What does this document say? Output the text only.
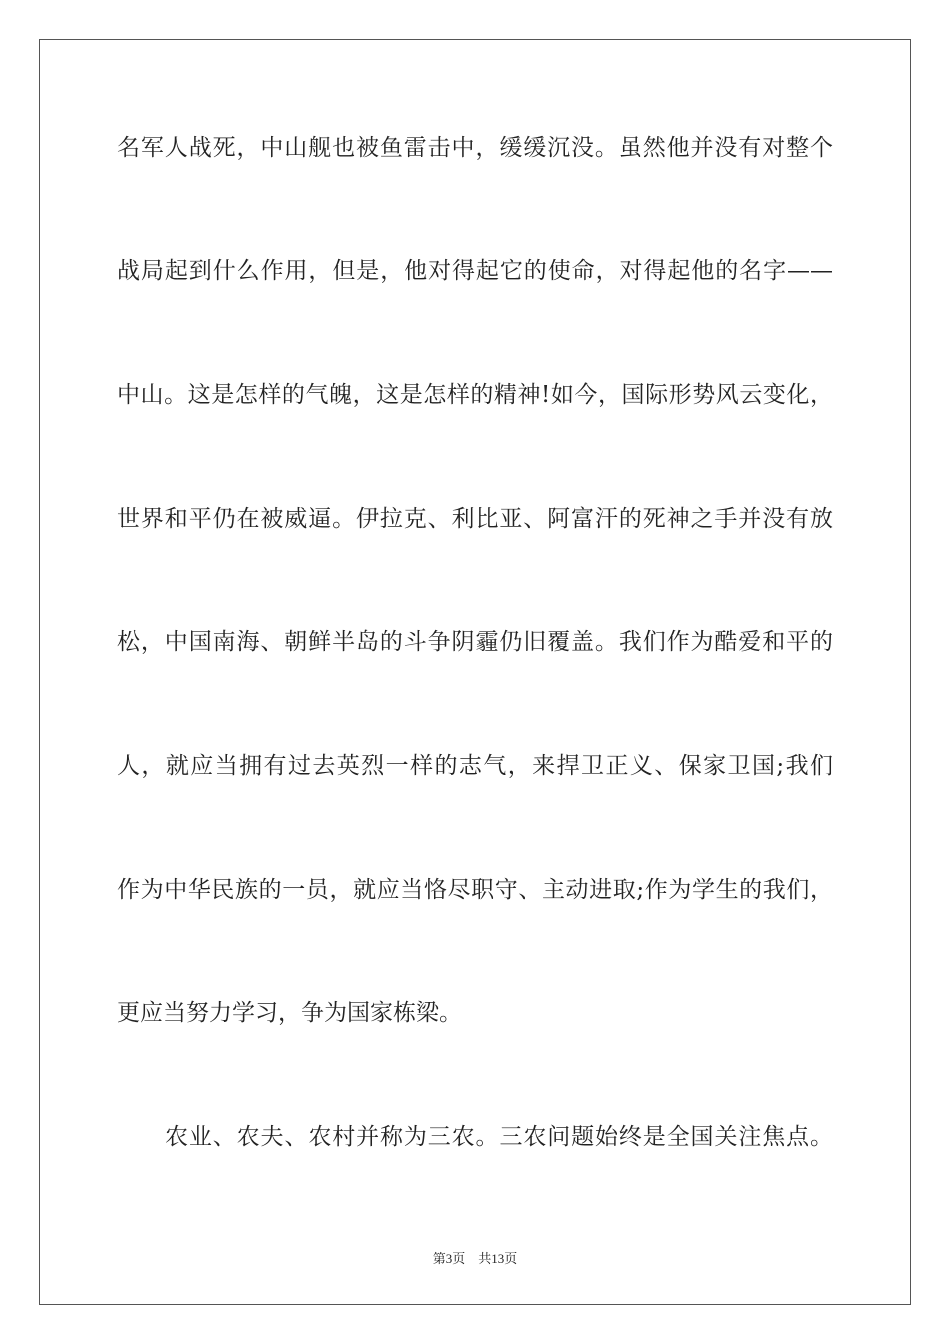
名军人战死，中山舰也被鱼雷击中，缓缓沉没。虽然他并没有对整个
战局起到什么作用，但是，他对得起它的使命，对得起他的名字——
中山。这是怎样的气魄，这是怎样的精神!如今，国际形势风云变化，
世界和平仍在被威逼。伊拉克、利比亚、阿富汗的死神之手并没有放
松，中国南海、朝鲜半岛的斗争阴霾仍旧覆盖。我们作为酷爱和平的
人，就应当拥有过去英烈一样的志气，来捍卫正义、保家卫国;我们
作为中华民族的一员，就应当恪尽职守、主动进取;作为学生的我们，
更应当努力学习，争为国家栋梁。
农业、农夫、农村并称为三农。三农问题始终是全国关注焦点。
第3页    共13页
